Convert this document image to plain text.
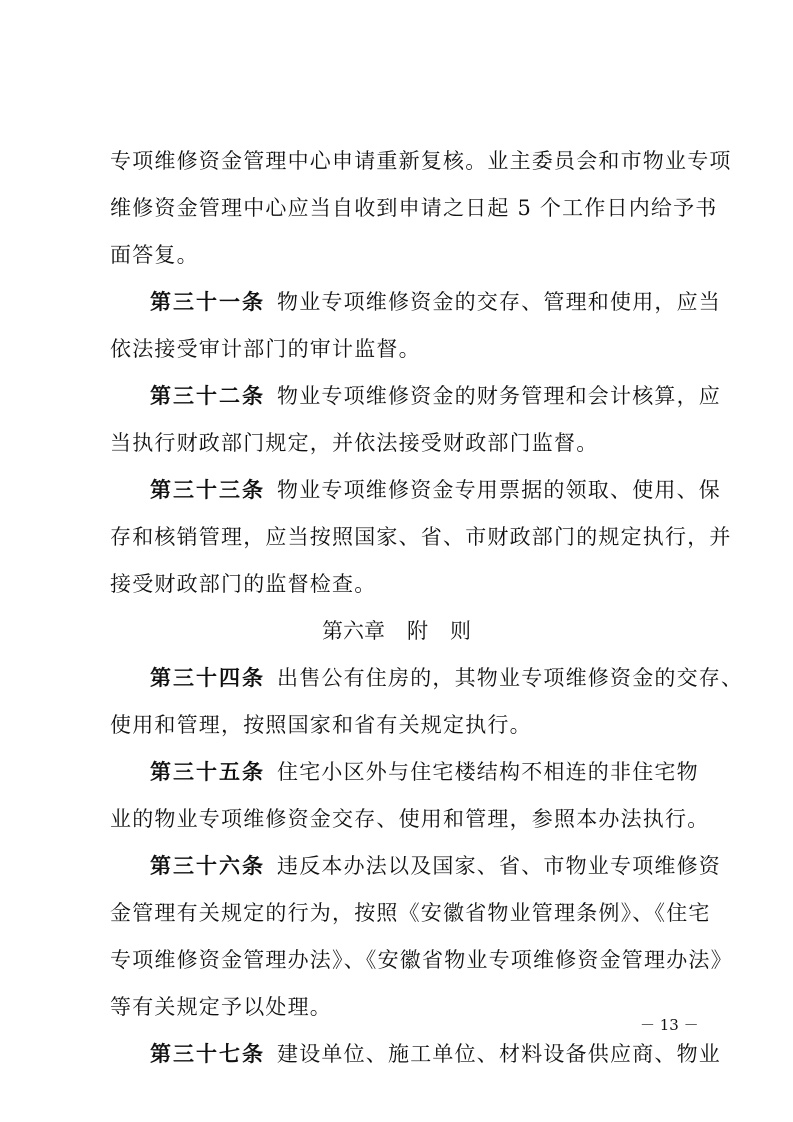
专项维修资金管理中心申请重新复核。业主委员会和市物业专项
维修资金管理中心应当自收到申请之日起 5 个工作日内给予书
面答复。
第三十一条 物业专项维修资金的交存、管理和使用，应当
依法接受审计部门的审计监督。
第三十二条 物业专项维修资金的财务管理和会计核算，应
当执行财政部门规定，并依法接受财政部门监督。
第三十三条 物业专项维修资金专用票据的领取、使用、保
存和核销管理，应当按照国家、省、市财政部门的规定执行，并
接受财政部门的监督检查。
第六章 附 则
第三十四条 出售公有住房的，其物业专项维修资金的交存、
使用和管理，按照国家和省有关规定执行。
第三十五条 住宅小区外与住宅楼结构不相连的非住宅物
业的物业专项维修资金交存、使用和管理，参照本办法执行。
第三十六条 违反本办法以及国家、省、市物业专项维修资
金管理有关规定的行为，按照《安徽省物业管理条例》、《住宅
专项维修资金管理办法》、《安徽省物业专项维修资金管理办法》
等有关规定予以处理。
第三十七条 建设单位、施工单位、材料设备供应商、物业
－ 13 －
